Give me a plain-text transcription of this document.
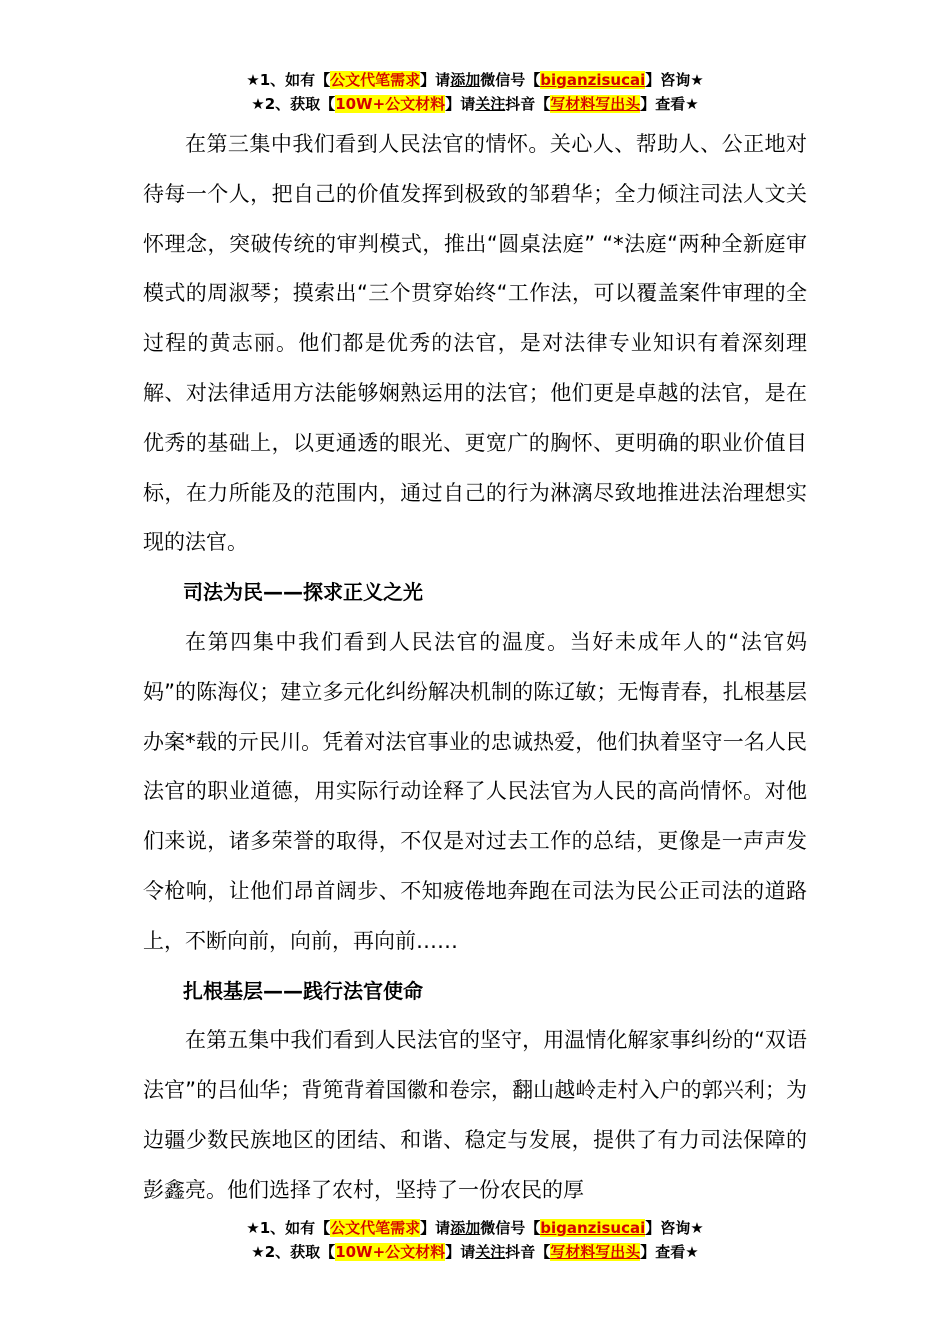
★1、如有【公文代笔需求】请添加微信号【biganzisucai】咨询★
★2、获取【10W+公文材料】请关注抖音【写材料写出头】查看★

在第三集中我们看到人民法官的情怀。关心人、帮助人、公正地对待每一个人，把自己的价值发挥到极致的邹碧华；全力倾注司法人文关怀理念，突破传统的审判模式，推出“圆桌法庭” “*法庭“两种全新庭审模式的周淑琴；摸索出“三个贯穿始终“工作法，可以覆盖案件审理的全过程的黄志丽。他们都是优秀的法官，是对法律专业知识有着深刻理解、对法律适用方法能够娴熟运用的法官；他们更是卓越的法官，是在优秀的基础上，以更通透的眼光、更宽广的胸怀、更明确的职业价值目标，在力所能及的范围内，通过自己的行为淋漓尽致地推进法治理想实现的法官。

司法为民——探求正义之光

在第四集中我们看到人民法官的温度。当好未成年人的“法官妈妈”的陈海仪；建立多元化纠纷解决机制的陈辽敏；无悔青春，扎根基层办案*载的亓民川。凭着对法官事业的忠诚热爱，他们执着坚守一名人民法官的职业道德，用实际行动诠释了人民法官为人民的高尚情怀。对他们来说，诸多荣誉的取得，不仅是对过去工作的总结，更像是一声声发令枪响，让他们昂首阔步、不知疲倦地奔跑在司法为民公正司法的道路上，不断向前，向前，再向前……

扎根基层——践行法官使命

在第五集中我们看到人民法官的坚守，用温情化解家事纠纷的“双语法官”的吕仙华；背篼背着国徽和卷宗，翻山越岭走村入户的郭兴利；为边疆少数民族地区的团结、和谐、稳定与发展，提供了有力司法保障的彭鑫亮。他们选择了农村，坚持了一份农民的厚

★1、如有【公文代笔需求】请添加微信号【biganzisucai】咨询★
★2、获取【10W+公文材料】请关注抖音【写材料写出头】查看★
